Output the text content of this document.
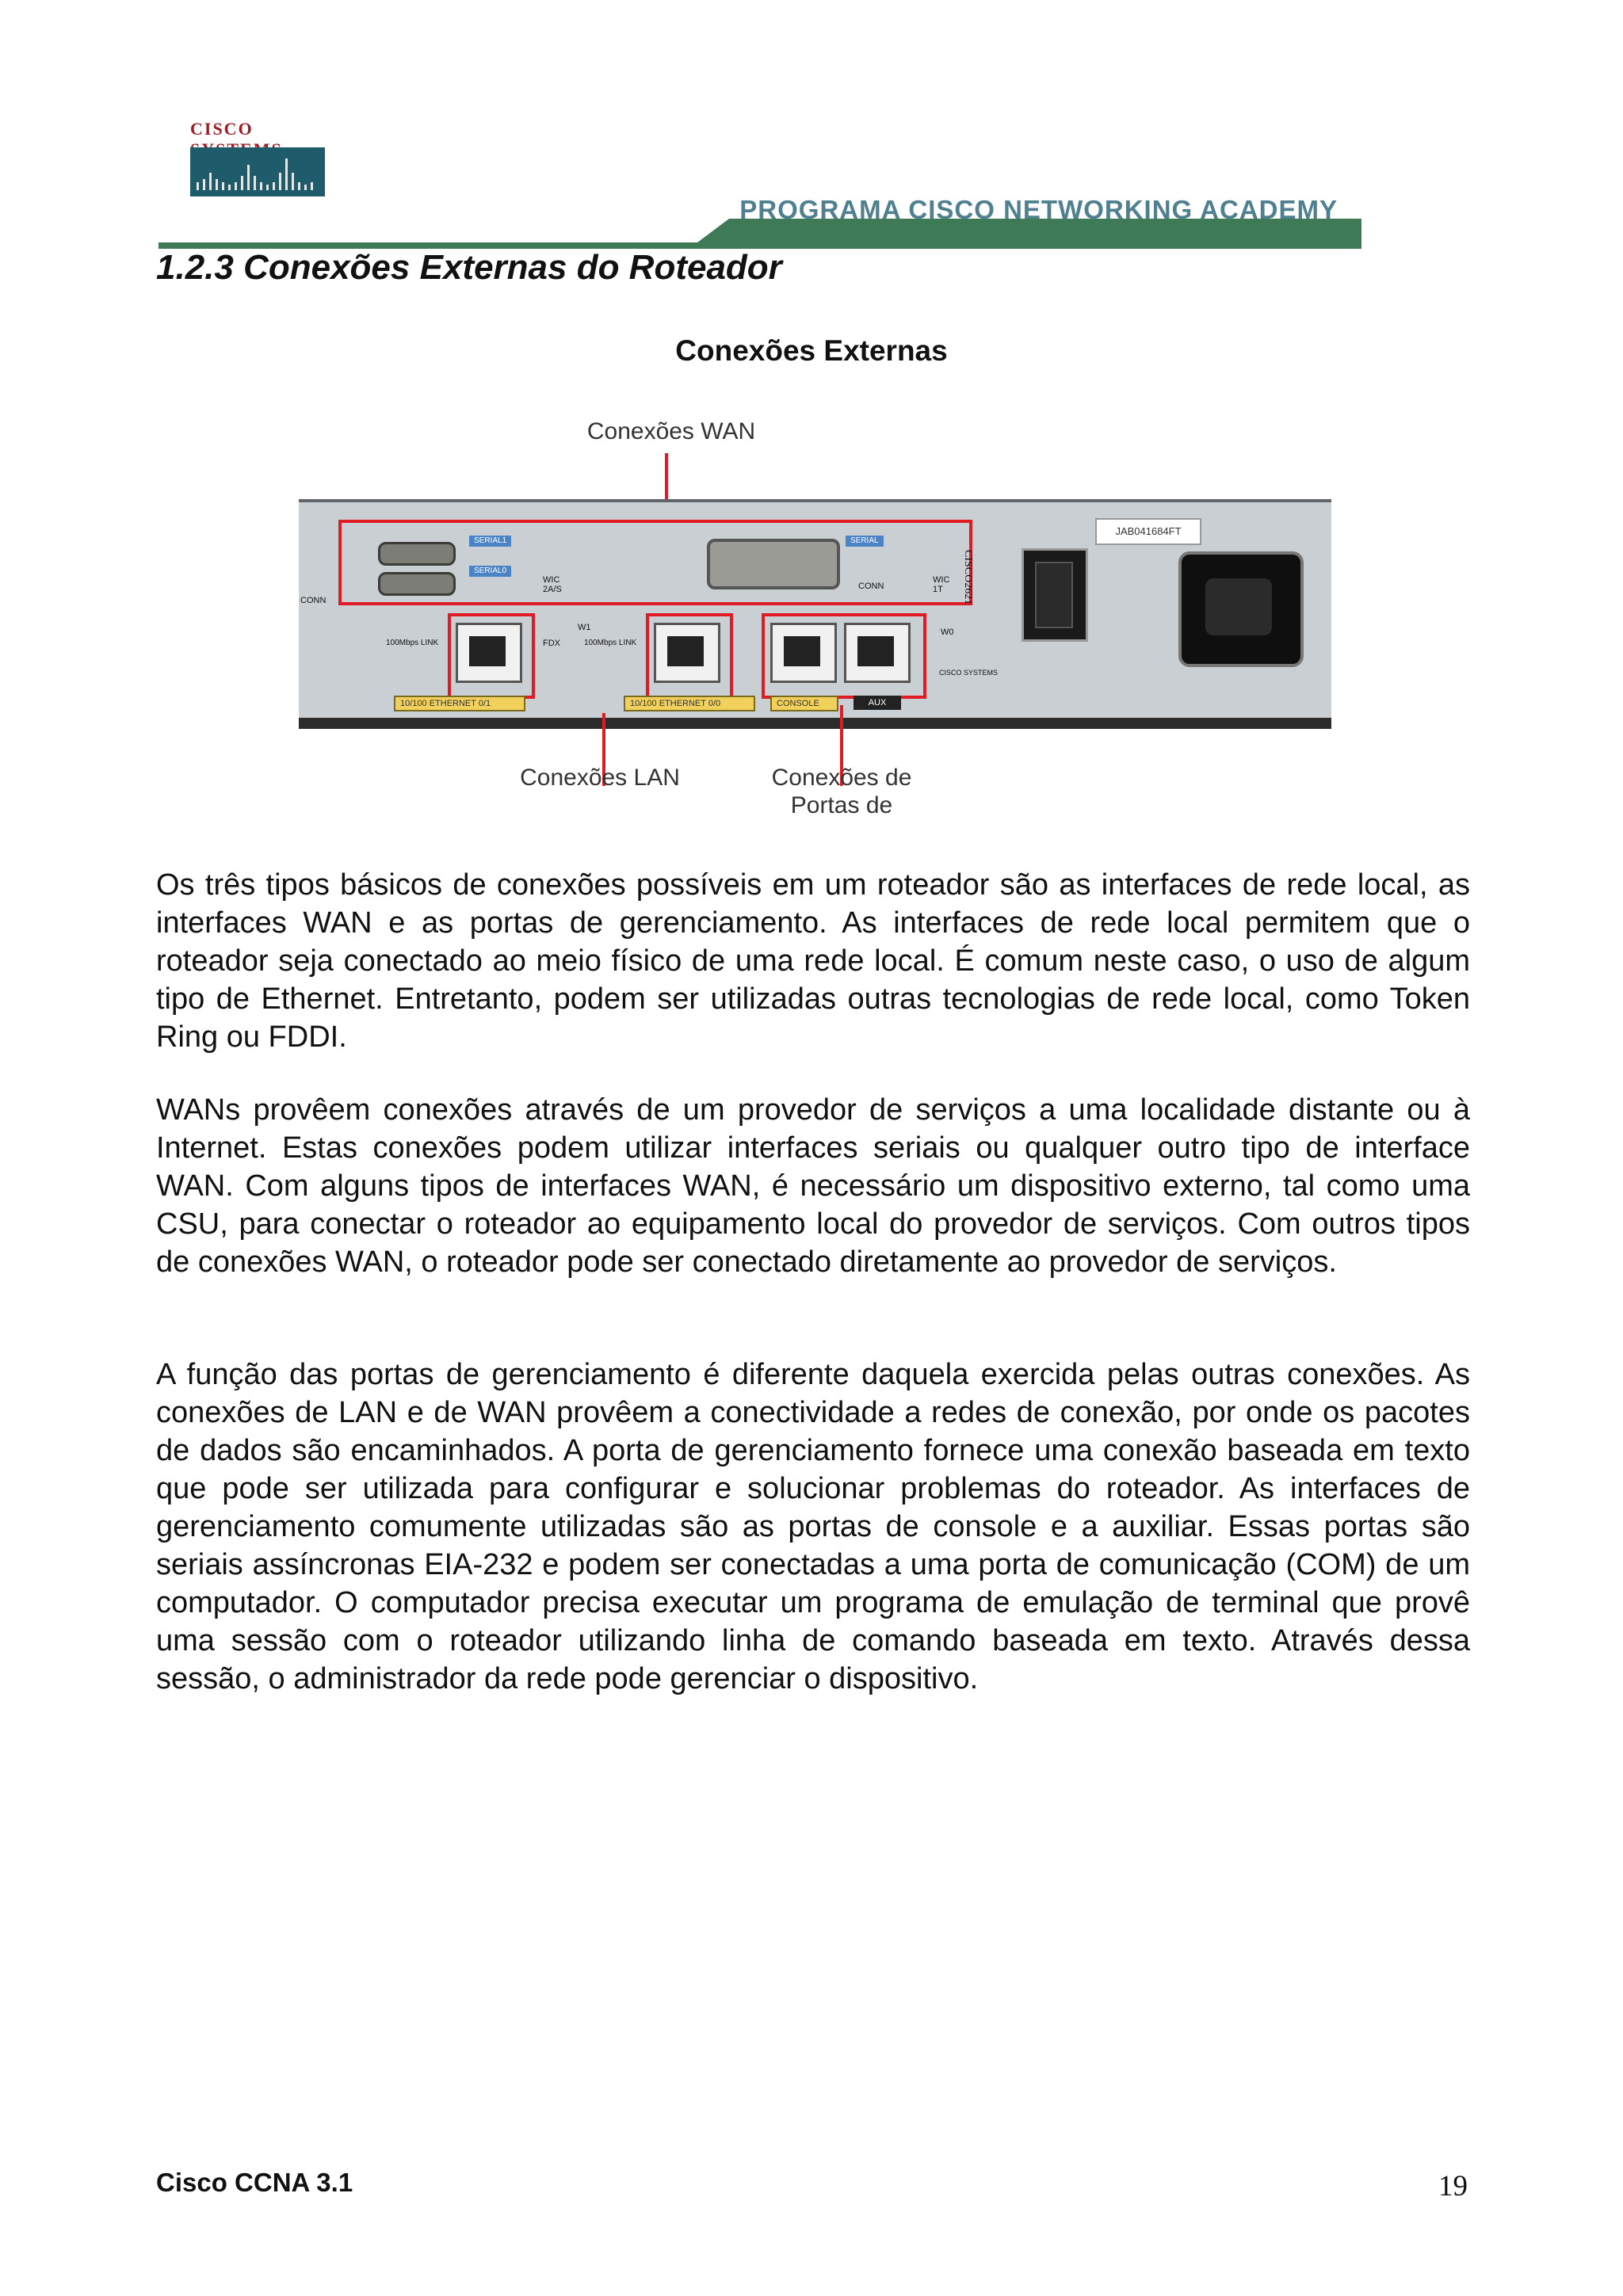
CISCO
PROGRAMA CISCO NETWORKING ACADEMY
1.2.3 Conexões Externas do Roteador
Conexões Externas
Conexões WAN
SERIAL1
SERIAL0
CONN
WIC 2A/S
SERIAL
CONN
WIC 1T
W1
FDX
100Mbps LINK	100Mbps LINK
10/100 ETHERNET 0/1	10/100 ETHERNET 0/0	CONSOLE	AUX
W0
CISCO2621
CISCO SYSTEMS
JAB041684FT
Conexões LAN	Conexões de
Portas de

Os três tipos básicos de conexões possíveis em um roteador são as interfaces de rede local, as interfaces WAN e as portas de gerenciamento. As interfaces de rede local permitem que o roteador seja conectado ao meio físico de uma rede local. É comum neste caso, o uso de algum tipo de Ethernet. Entretanto, podem ser utilizadas outras tecnologias de rede local, como Token Ring ou FDDI.

WANs provêem conexões através de um provedor de serviços a uma localidade distante ou à Internet. Estas conexões podem utilizar interfaces seriais ou qualquer outro tipo de interface WAN. Com alguns tipos de interfaces WAN, é necessário um dispositivo externo, tal como uma CSU, para conectar o roteador ao equipamento local do provedor de serviços. Com outros tipos de conexões WAN, o roteador pode ser conectado diretamente ao provedor de serviços.

A função das portas de gerenciamento é diferente daquela exercida pelas outras conexões. As conexões de LAN e de WAN provêem a conectividade a redes de conexão, por onde os pacotes de dados são encaminhados. A porta de gerenciamento fornece uma conexão baseada em texto que pode ser utilizada para configurar e solucionar problemas do roteador. As interfaces de gerenciamento comumente utilizadas são as portas de console e a auxiliar. Essas portas são seriais assíncronas EIA-232 e podem ser conectadas a uma porta de comunicação (COM) de um computador. O computador precisa executar um programa de emulação de terminal que provê uma sessão com o roteador utilizando linha de comando baseada em texto. Através dessa sessão, o administrador da rede pode gerenciar o dispositivo.

Cisco CCNA 3.1	19
